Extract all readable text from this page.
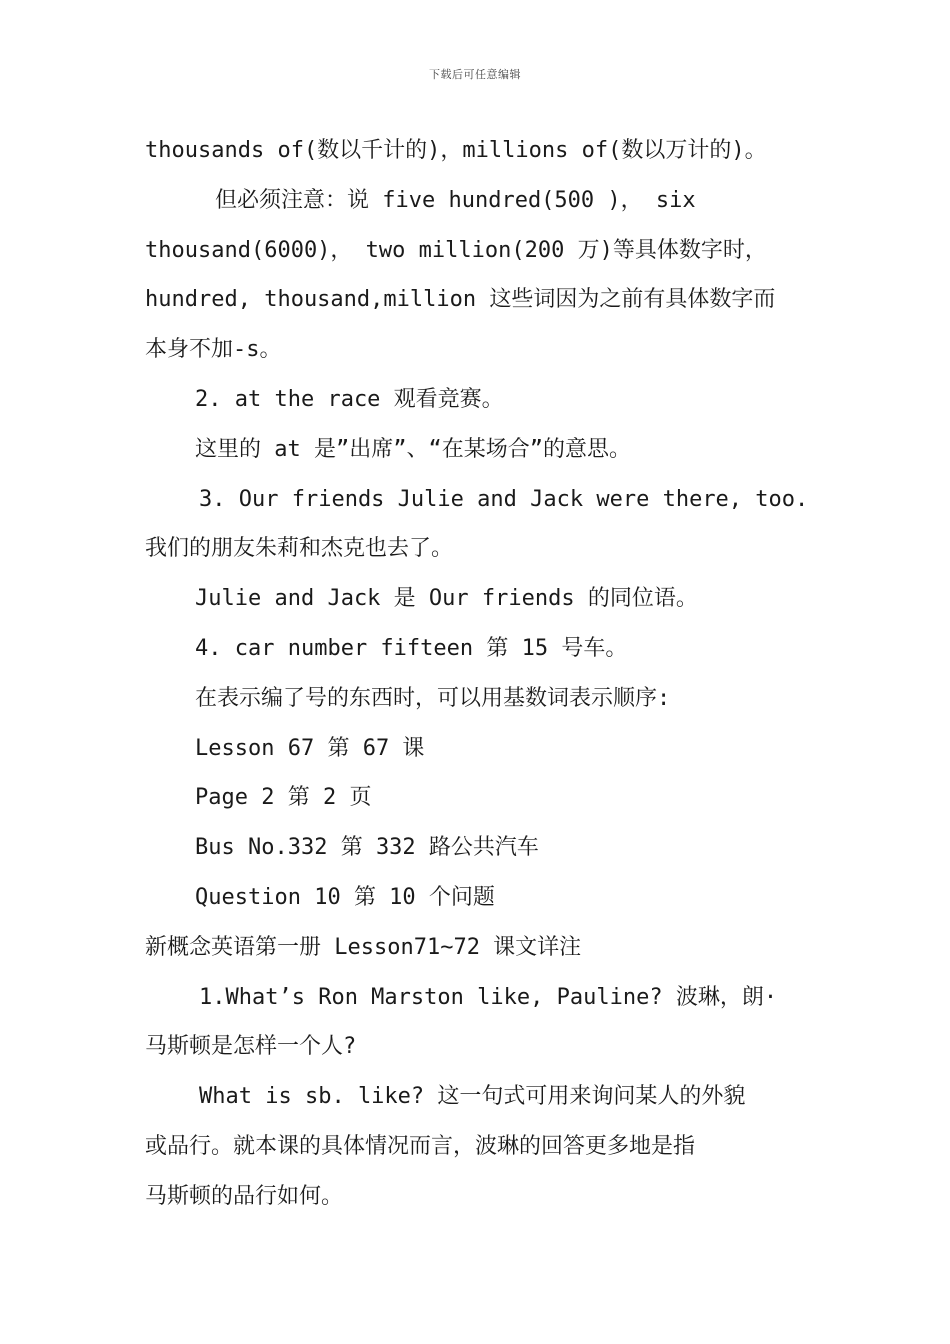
下载后可任意编辑
thousands of(数以千计的)，millions of(数以万计的)。
但必须注意：说 five hundred(500 )， six
thousand(6000)， two million(200 万)等具体数字时，
hundred, thousand,million 这些词因为之前有具体数字而
本身不加-s。
2. at the race 观看竞赛。
这里的 at 是”出席”、“在某场合”的意思。
3. Our friends Julie and Jack were there, too.
我们的朋友朱莉和杰克也去了。
Julie and Jack 是 Our friends 的同位语。
4. car number fifteen 第 15 号车。
在表示编了号的东西时，可以用基数词表示顺序:
Lesson 67 第 67 课
Page 2 第 2 页
Bus No.332 第 332 路公共汽车
Question 10 第 10 个问题
新概念英语第一册 Lesson71~72 课文详注
1.What’s Ron Marston like, Pauline? 波琳，朗·
马斯顿是怎样一个人?
What is sb. like? 这一句式可用来询问某人的外貌
或品行。就本课的具体情况而言，波琳的回答更多地是指
马斯顿的品行如何。
